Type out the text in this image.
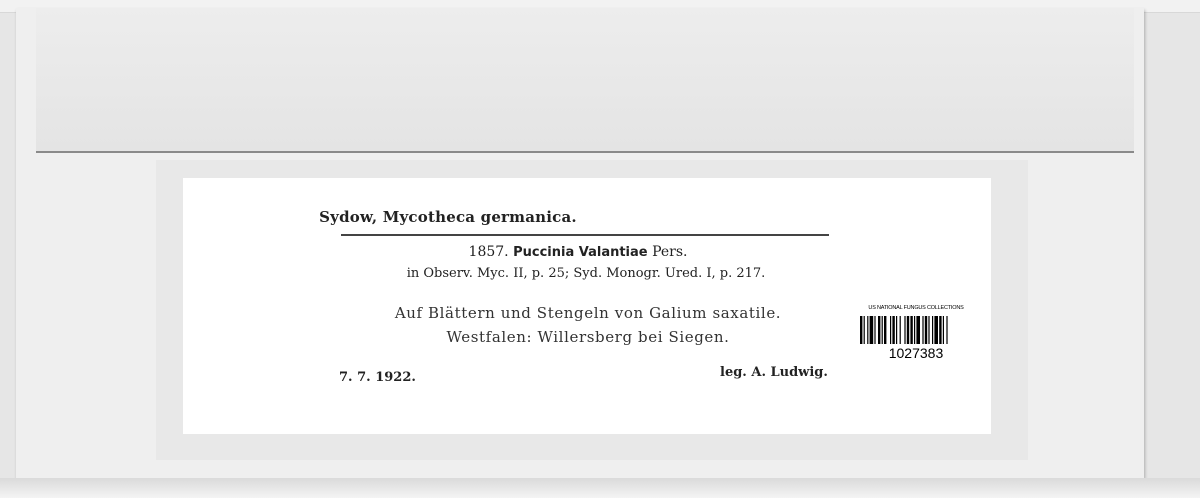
Sydow, Mycotheca germanica.
1857. Puccinia Valantiae Pers.
in Observ. Myc. II, p. 25; Syd. Monogr. Ured. I, p. 217.
Auf Blättern und Stengeln von Galium saxatile.
Westfalen: Willersberg bei Siegen.
7. 7. 1922.	leg. A. Ludwig.
US NATIONAL FUNGUS COLLECTIONS
1027383
